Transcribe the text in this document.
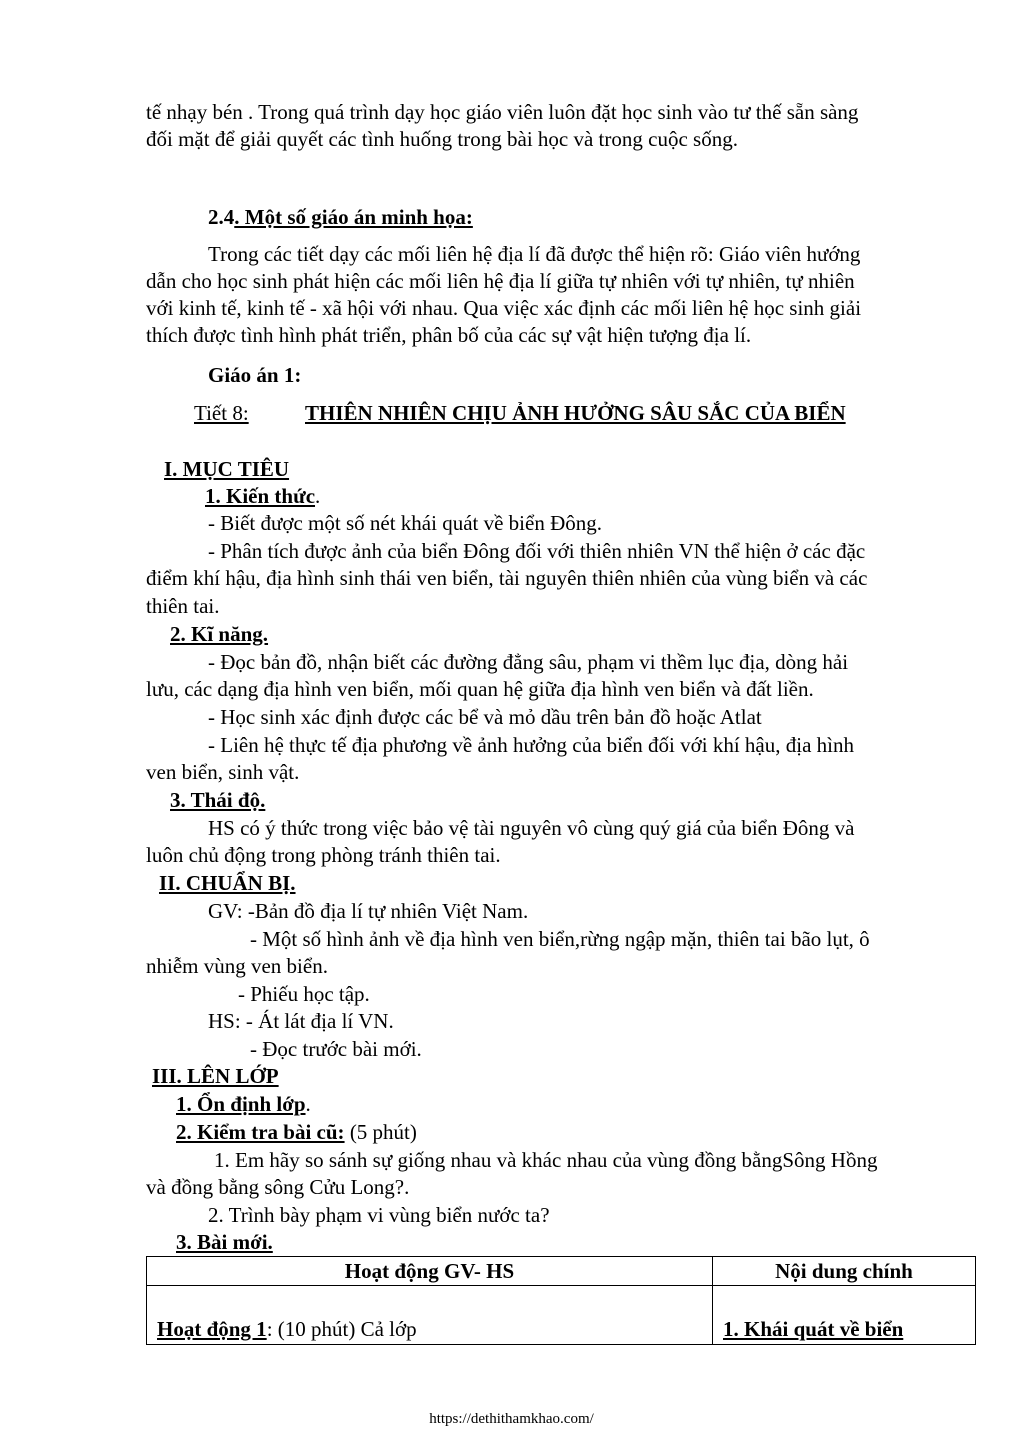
tế nhạy bén . Trong quá trình dạy học giáo viên luôn đặt học sinh vào tư thế sẵn sàng
đối mặt để giải quyết các tình huống trong bài học và trong cuộc sống.
2.4. Một số giáo án minh họa:
Trong các tiết dạy các mối liên hệ địa lí đã được thể hiện rõ: Giáo viên hướng
dẫn cho học sinh phát hiện các mối liên hệ địa lí giữa tự nhiên với tự nhiên, tự nhiên
với kinh tế, kinh tế - xã hội với nhau. Qua việc xác định các mối liên hệ học sinh giải
thích được tình hình phát triển, phân bố của các sự vật hiện tượng địa lí.
Giáo án 1:
Tiết 8:	THIÊN NHIÊN CHỊU ẢNH HƯỞNG SÂU SẮC CỦA BIỂN
I. MỤC TIÊU
1. Kiến thức.
- Biết được một số nét khái quát về biển Đông.
- Phân tích được ảnh của biển Đông đối với thiên nhiên VN thể hiện ở các đặc
điểm khí hậu, địa hình sinh thái ven biển, tài nguyên thiên nhiên của vùng biển và các
thiên tai.
2. Kĩ năng.
- Đọc bản đồ, nhận biết các đường đẳng sâu, phạm vi thềm lục địa, dòng hải
lưu, các dạng địa hình ven biển, mối quan hệ giữa địa hình ven biển và đất liền.
- Học sinh xác định được các bể và mỏ dầu trên bản đồ hoặc Atlat
- Liên hệ thực tế địa phương về ảnh hưởng của biển đối với khí hậu, địa hình
ven biển, sinh vật.
3. Thái độ.
HS có ý thức trong việc bảo vệ tài nguyên vô cùng quý giá của biển Đông và
luôn chủ động trong phòng tránh thiên tai.
II. CHUẨN BỊ.
GV: -Bản đồ địa lí tự nhiên Việt Nam.
- Một số hình ảnh về địa hình ven biển,rừng ngập mặn, thiên tai bão lụt, ô
nhiễm vùng ven biển.
- Phiếu học tập.
HS: - Át lát địa lí VN.
- Đọc trước bài mới.
III. LÊN LỚP
1. Ổn định lớp.
2. Kiểm tra bài cũ: (5 phút)
1. Em hãy so sánh sự giống nhau và khác nhau của vùng đồng bằngSông Hồng
và đồng bằng sông Cửu Long?.
2. Trình bày phạm vi vùng biển nước ta?
3. Bài mới.
Hoạt động GV- HS	Nội dung chính
Hoạt động 1: (10 phút) Cả lớp	1. Khái quát về biển
https://dethithamkhao.com/
